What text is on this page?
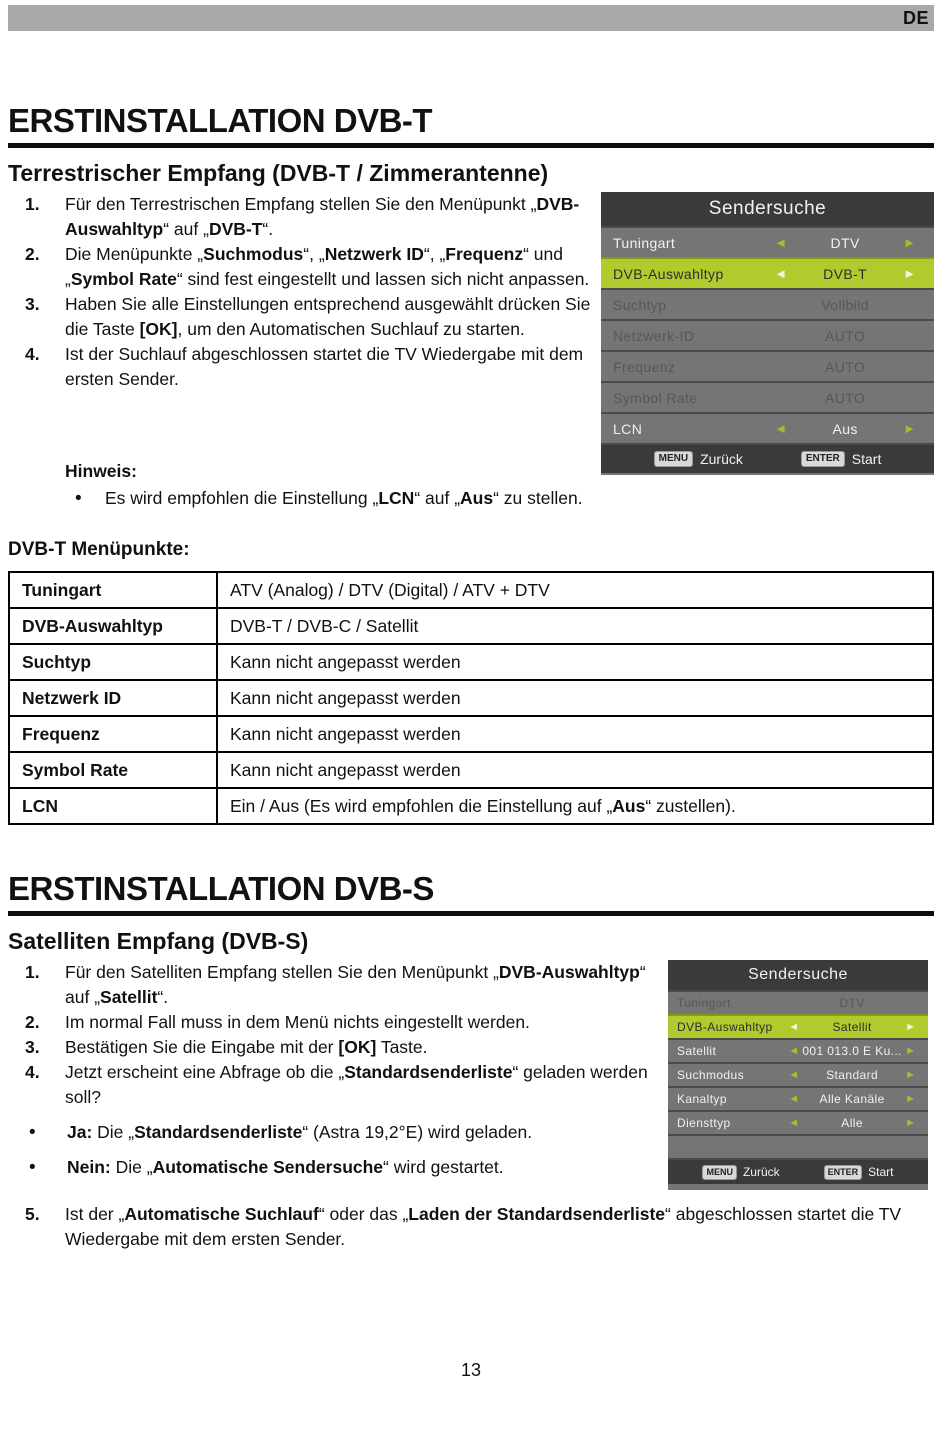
DE
ERSTINSTALLATION DVB-T
Terrestrischer Empfang (DVB-T / Zimmerantenne)
1.	Für den Terrestrischen Empfang stellen Sie den Menüpunkt „DVB-Auswahltyp“ auf „DVB-T“.
2.	Die Menüpunkte „Suchmodus“, „Netzwerk ID“, „Frequenz“ und „Symbol Rate“ sind fest eingestellt und lassen sich nicht anpassen.
3.	Haben Sie alle Einstellungen entsprechend ausgewählt drücken Sie die Taste [OK], um den Automatischen Suchlauf zu starten.
4.	Ist der Suchlauf abgeschlossen startet die TV Wiedergabe mit dem ersten Sender.
Sendersuche
Tuningart	◄	DTV	►
DVB-Auswahltyp	◄	DVB-T	►
Suchtyp	Vollbild
Netzwerk-ID	AUTO
Frequenz	AUTO
Symbol Rate	AUTO
LCN	◄	Aus	►
MENU Zurück	ENTER Start
Hinweis:
•
Es wird empfohlen die Einstellung „LCN“ auf „Aus“ zu stellen.
DVB-T Menüpunkte:
Tuningart	ATV (Analog) / DTV (Digital) / ATV + DTV
DVB-Auswahltyp	DVB-T / DVB-C / Satellit
Suchtyp	Kann nicht angepasst werden
Netzwerk ID	Kann nicht angepasst werden
Frequenz	Kann nicht angepasst werden
Symbol Rate	Kann nicht angepasst werden
LCN	Ein / Aus (Es wird empfohlen die Einstellung auf „Aus“ zustellen).
ERSTINSTALLATION DVB-S
Satelliten Empfang (DVB-S)
1.	Für den Satelliten Empfang stellen Sie den Menüpunkt „DVB-Auswahltyp“ auf „Satellit“.
2.	Im normal Fall muss in dem Menü nichts eingestellt werden.
3.	Bestätigen Sie die Eingabe mit der [OK] Taste.
4.	Jetzt erscheint eine Abfrage ob die „Standardsenderliste“ geladen werden soll?
•
Ja: Die „Standardsenderliste“ (Astra 19,2°E) wird geladen.
•
Nein: Die „Automatische Sendersuche“ wird gestartet.
Sendersuche
Tuningart	DTV
DVB-Auswahltyp	◄	Satellit	►
Satellit	◄ 001 013.0 E Ku... ►
Suchmodus	◄	Standard	►
Kanaltyp	◄	Alle Kanäle	►
Diensttyp	◄	Alle	►
MENU Zurück	ENTER Start
5.	Ist der „Automatische Suchlauf“ oder das „Laden der Standardsenderliste“ abgeschlossen startet die TV Wiedergabe mit dem ersten Sender.
13
